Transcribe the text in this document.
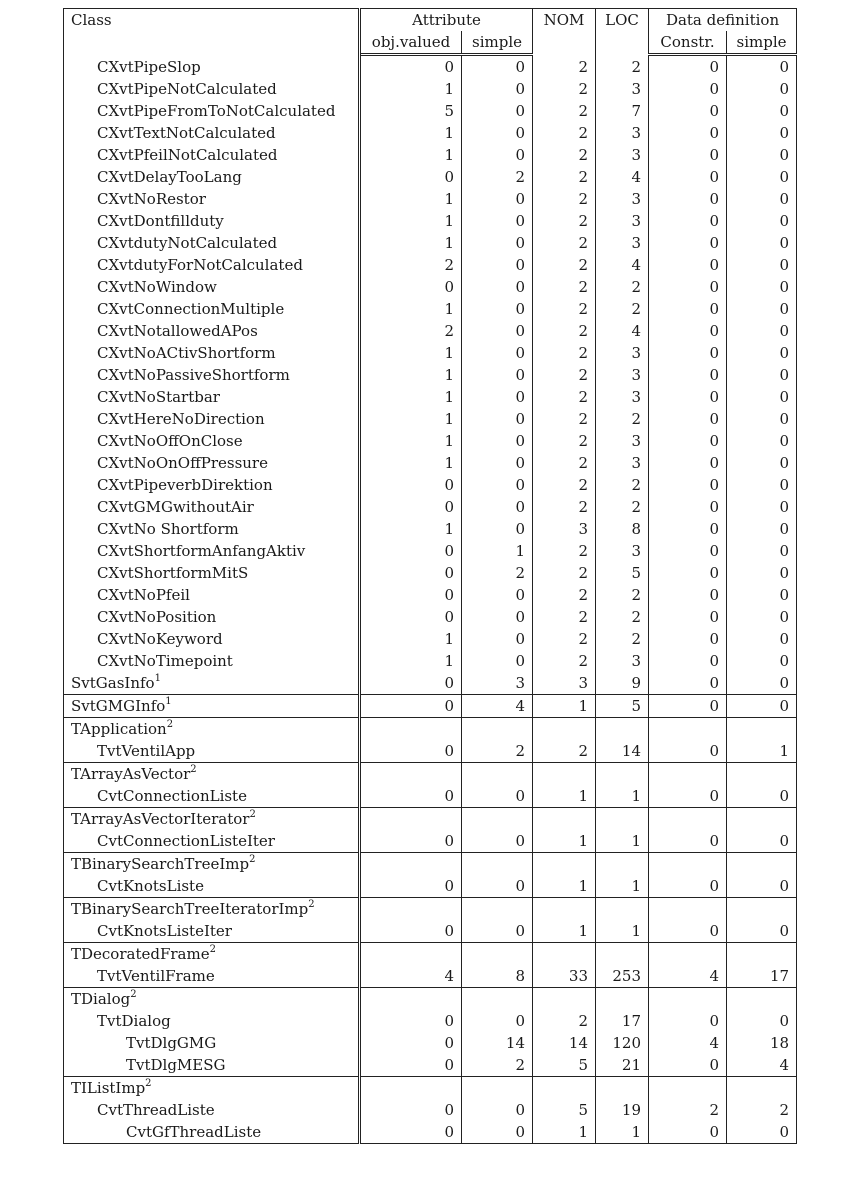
Class	Attribute		NOM	LOC	Data definition	
	obj.valued	simple			Constr.	simple
CXvtPipeSlop	0	0	2	2	0	0
CXvtPipeNotCalculated	1	0	2	3	0	0
CXvtPipeFromToNotCalculated	5	0	2	7	0	0
CXvtTextNotCalculated	1	0	2	3	0	0
CXvtPfeilNotCalculated	1	0	2	3	0	0
CXvtDelayTooLang	0	2	2	4	0	0
CXvtNoRestor	1	0	2	3	0	0
CXvtDontfillduty	1	0	2	3	0	0
CXvtdutyNotCalculated	1	0	2	3	0	0
CXvtdutyForNotCalculated	2	0	2	4	0	0
CXvtNoWindow	0	0	2	2	0	0
CXvtConnectionMultiple	1	0	2	2	0	0
CXvtNotallowedAPos	2	0	2	4	0	0
CXvtNoACtivShortform	1	0	2	3	0	0
CXvtNoPassiveShortform	1	0	2	3	0	0
CXvtNoStartbar	1	0	2	3	0	0
CXvtHereNoDirection	1	0	2	2	0	0
CXvtNoOffOnClose	1	0	2	3	0	0
CXvtNoOnOffPressure	1	0	2	3	0	0
CXvtPipeverbDirektion	0	0	2	2	0	0
CXvtGMGwithoutAir	0	0	2	2	0	0
CXvtNo Shortform	1	0	3	8	0	0
CXvtShortformAnfangAktiv	0	1	2	3	0	0
CXvtShortformMitS	0	2	2	5	0	0
CXvtNoPfeil	0	0	2	2	0	0
CXvtNoPosition	0	0	2	2	0	0
CXvtNoKeyword	1	0	2	2	0	0
CXvtNoTimepoint	1	0	2	3	0	0
SvtGasInfo$^1$	0	3	3	9	0	0
SvtGMGInfo$^1$	0	4	1	5	0	0
TApplication$^2$						
TvtVentilApp	0	2	2	14	0	1
TArrayAsVector$^2$						
CvtConnectionListe	0	0	1	1	0	0
TArrayAsVectorIterator$^2$						
CvtConnectionListeIter	0	0	1	1	0	0
TBinarySearchTreeImp$^2$						
CvtKnotsListe	0	0	1	1	0	0
TBinarySearchTreeIteratorImp$^2$						
CvtKnotsListeIter	0	0	1	1	0	0
TDecoratedFrame$^2$						
TvtVentilFrame	4	8	33	253	4	17
TDialog$^2$						
TvtDialog	0	0	2	17	0	0
TvtDlgGMG	0	14	14	120	4	18
TvtDlgMESG	0	2	5	21	0	4
TIListImp$^2$						
CvtThreadListe	0	0	5	19	2	2
CvtGfThreadListe	0	0	1	1	0	0
